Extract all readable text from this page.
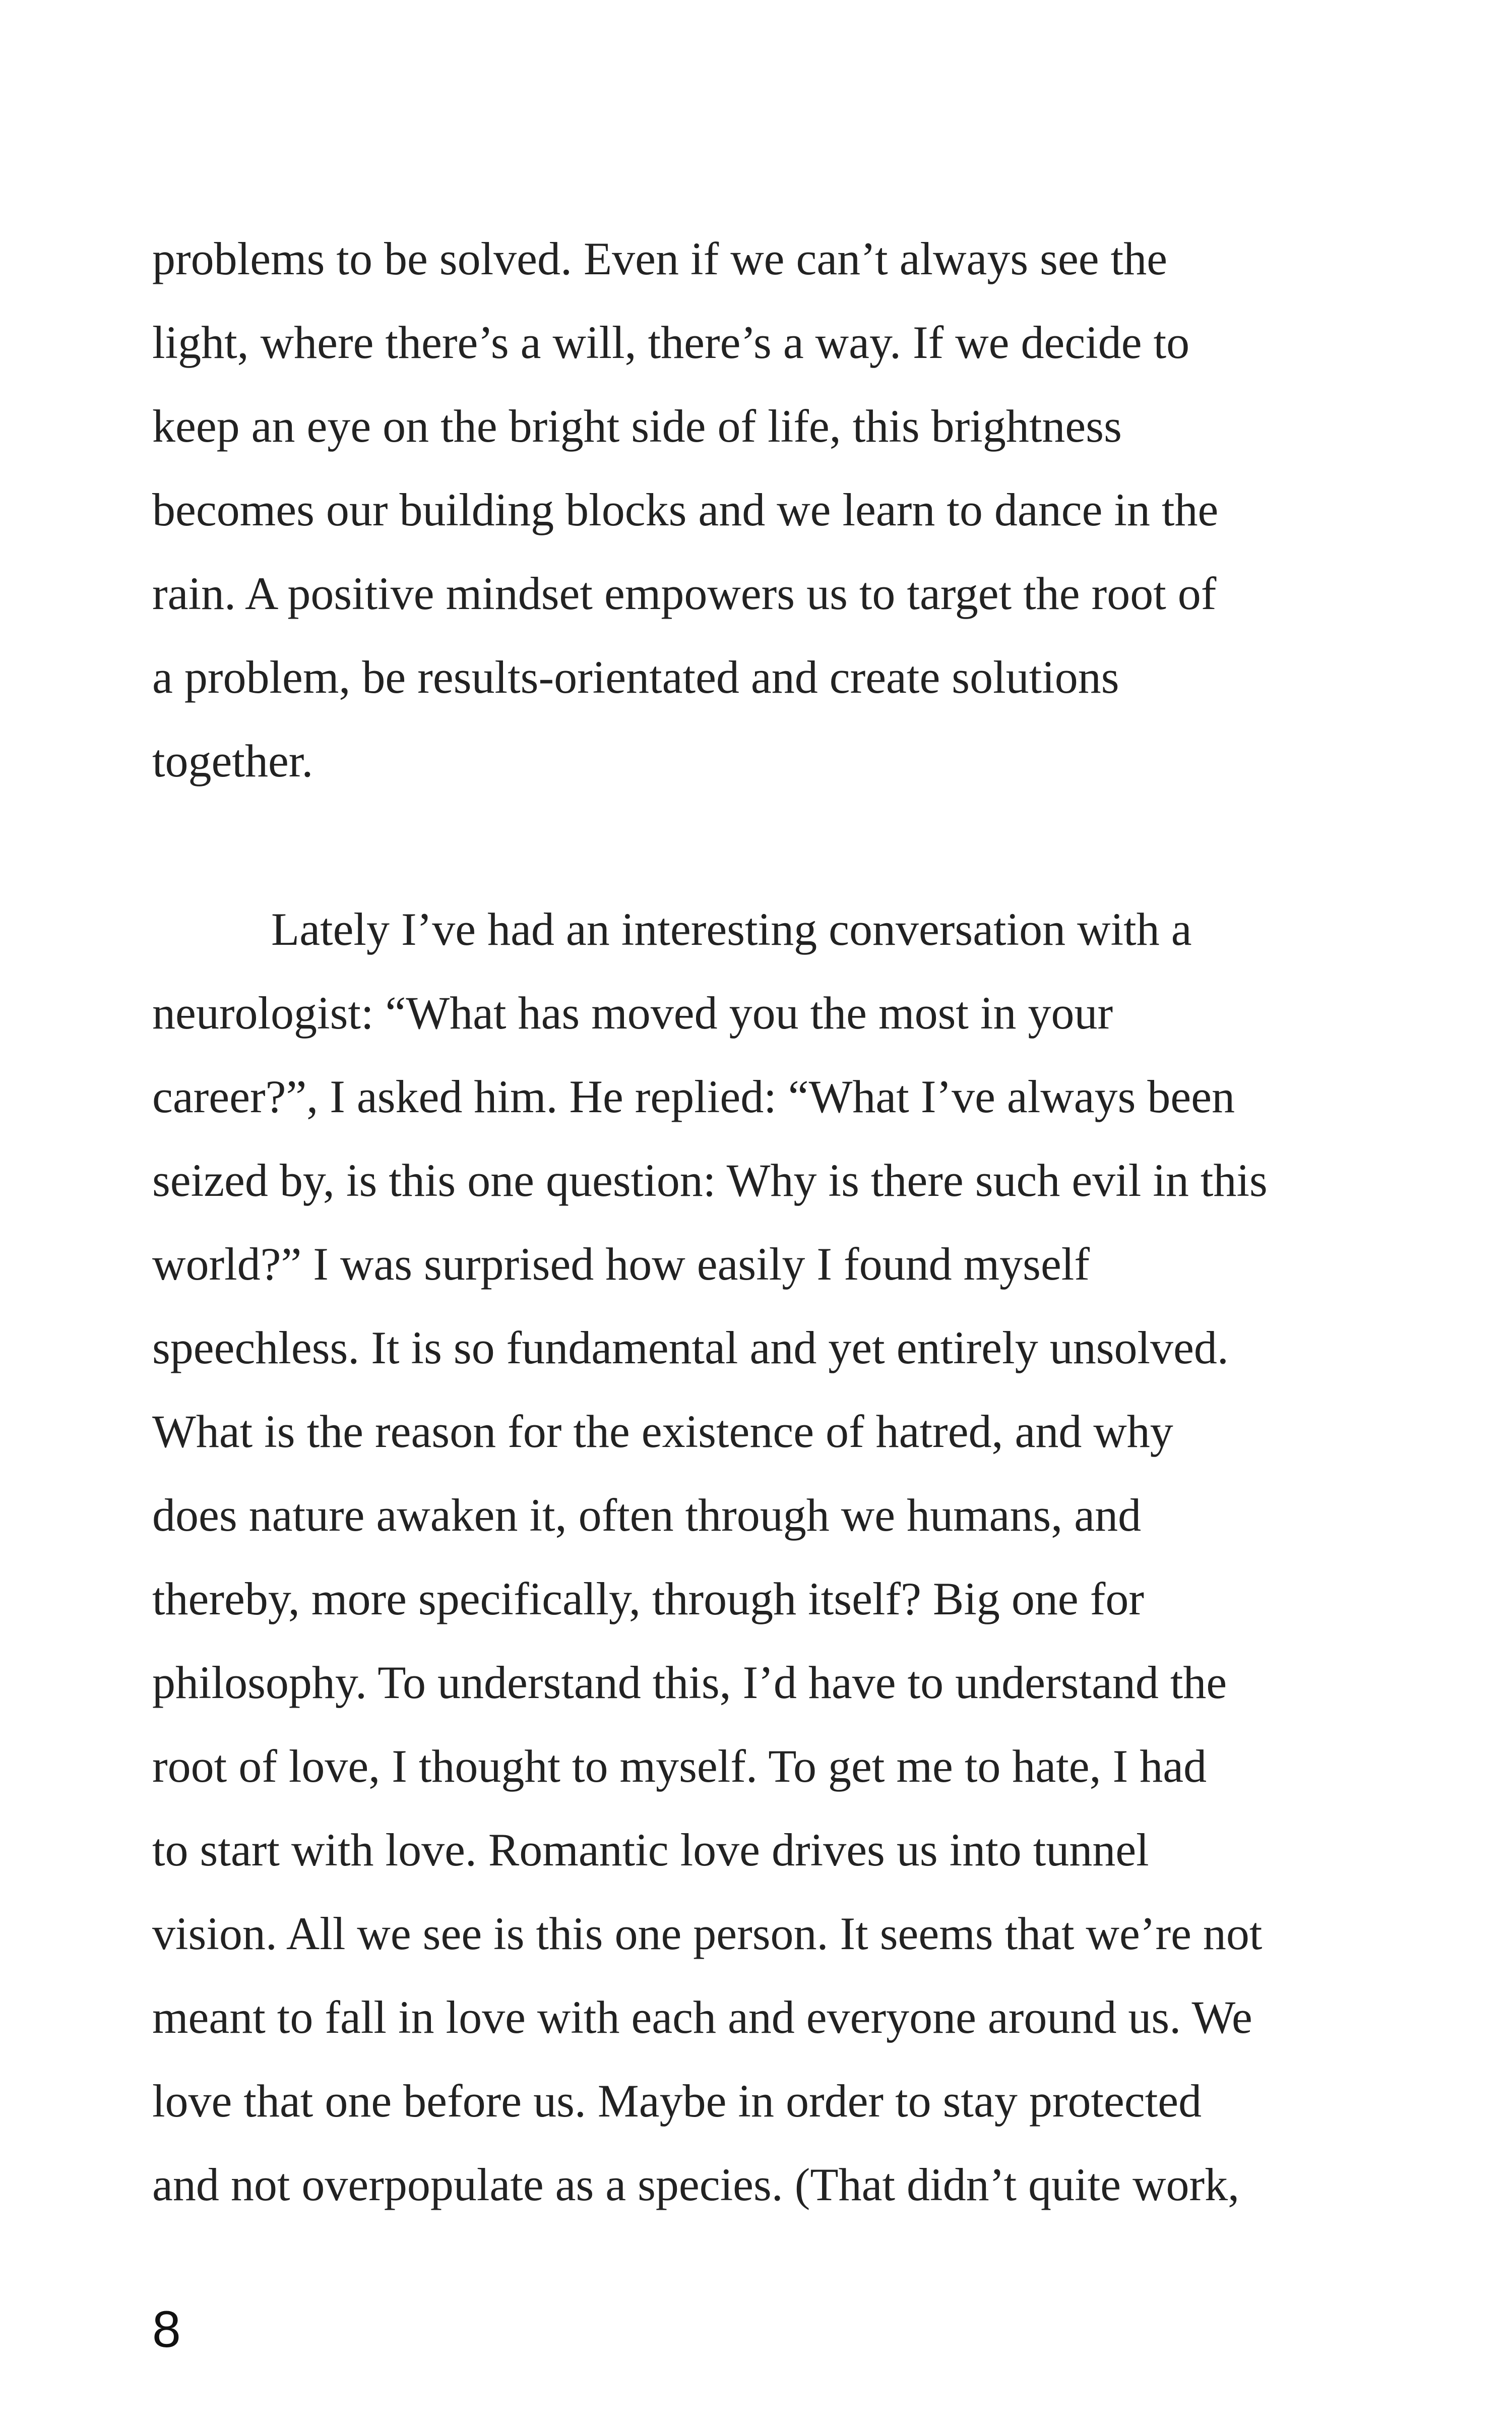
problems to be solved. Even if we can’t always see the
light, where there’s a will, there’s a way. If we decide to
keep an eye on the bright side of life, this brightness
becomes our building blocks and we learn to dance in the
rain. A positive mindset empowers us to target the root of
a problem, be results-orientated and create solutions
together.
Lately I’ve had an interesting conversation with a
neurologist: “What has moved you the most in your
career?”, I asked him. He replied: “What I’ve always been
seized by, is this one question: Why is there such evil in this
world?” I was surprised how easily I found myself
speechless. It is so fundamental and yet entirely unsolved.
What is the reason for the existence of hatred, and why
does nature awaken it, often through we humans, and
thereby, more specifically, through itself? Big one for
philosophy. To understand this, I’d have to understand the
root of love, I thought to myself. To get me to hate, I had
to start with love. Romantic love drives us into tunnel
vision. All we see is this one person. It seems that we’re not
meant to fall in love with each and everyone around us. We
love that one before us. Maybe in order to stay protected
and not overpopulate as a species. (That didn’t quite work,
8
